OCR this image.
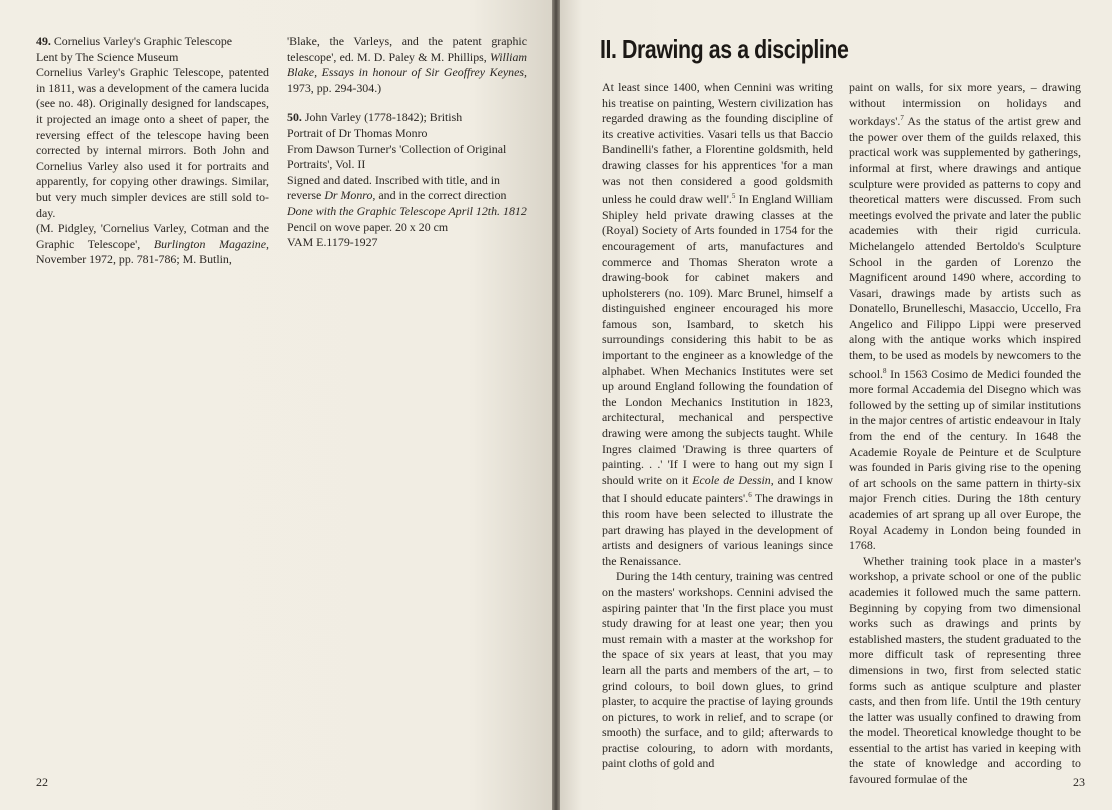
49. Cornelius Varley's Graphic Telescope

Lent by The Science Museum

Cornelius Varley's Graphic Telescope, patented in 1811, was a development of the camera lucida (see no. 48). Originally designed for landscapes, it projected an image onto a sheet of paper, the reversing effect of the telescope having been corrected by internal mirrors. Both John and Cornelius Varley also used it for portraits and apparently, for copying other drawings. Similar, but very much simpler devices are still sold to-day.

(M. Pidgley, 'Cornelius Varley, Cotman and the Graphic Telescope', Burlington Magazine, November 1972, pp. 781-786; M. Butlin,

'Blake, the Varleys, and the patent graphic telescope', ed. M. D. Paley & M. Phillips, William Blake, Essays in honour of Sir Geoffrey Keynes, 1973, pp. 294-304.)

50. John Varley (1778-1842); British

Portrait of Dr Thomas Monro

From Dawson Turner's 'Collection of Original Portraits', Vol. II

Signed and dated. Inscribed with title, and in reverse Dr Monro, and in the correct direction Done with the Graphic Telescope April 12th. 1812

Pencil on wove paper. 20 x 20 cm

VAM E.1179-1927

22	23
II. Drawing as a discipline

At least since 1400, when Cennini was writing his treatise on painting, Western civilization has regarded drawing as the founding discipline of its creative activities. Vasari tells us that Baccio Bandinelli's father, a Florentine goldsmith, held drawing classes for his apprentices 'for a man was not then considered a good goldsmith unless he could draw well'.$^5$ In England William Shipley held private drawing classes at the (Royal) Society of Arts founded in 1754 for the encouragement of arts, manufactures and commerce and Thomas Sheraton wrote a drawing-book for cabinet makers and upholsterers (no. 109). Marc Brunel, himself a distinguished engineer encouraged his more famous son, Isambard, to sketch his surroundings considering this habit to be as important to the engineer as a knowledge of the alphabet. When Mechanics Institutes were set up around England following the foundation of the London Mechanics Institution in 1823, architectural, mechanical and perspective drawing were among the subjects taught. While Ingres claimed 'Drawing is three quarters of painting. . .' 'If I were to hang out my sign I should write on it Ecole de Dessin, and I know that I should educate painters'.$^6$ The drawings in this room have been selected to illustrate the part drawing has played in the development of artists and designers of various leanings since the Renaissance.

During the 14th century, training was centred on the masters' workshops. Cennini advised the aspiring painter that 'In the first place you must study drawing for at least one year; then you must remain with a master at the workshop for the space of six years at least, that you may learn all the parts and members of the art, – to grind colours, to boil down glues, to grind plaster, to acquire the practise of laying grounds on pictures, to work in relief, and to scrape (or smooth) the surface, and to gild; afterwards to practise colouring, to adorn with mordants, paint cloths of gold and

paint on walls, for six more years, – drawing without intermission on holidays and workdays'.$^7$ As the status of the artist grew and the power over them of the guilds relaxed, this practical work was supplemented by gatherings, informal at first, where drawings and antique sculpture were provided as patterns to copy and theoretical matters were discussed. From such meetings evolved the private and later the public academies with their rigid curricula. Michelangelo attended Bertoldo's Sculpture School in the garden of Lorenzo the Magnificent around 1490 where, according to Vasari, drawings made by artists such as Donatello, Brunelleschi, Masaccio, Uccello, Fra Angelico and Filippo Lippi were preserved along with the antique works which inspired them, to be used as models by newcomers to the school.$^8$ In 1563 Cosimo de Medici founded the more formal Accademia del Disegno which was followed by the setting up of similar institutions in the major centres of artistic endeavour in Italy from the end of the century. In 1648 the Academie Royale de Peinture et de Sculpture was founded in Paris giving rise to the opening of art schools on the same pattern in thirty-six major French cities. During the 18th century academies of art sprang up all over Europe, the Royal Academy in London being founded in 1768.

Whether training took place in a master's workshop, a private school or one of the public academies it followed much the same pattern. Beginning by copying from two dimensional works such as drawings and prints by established masters, the student graduated to the more difficult task of representing three dimensions in two, first from selected static forms such as antique sculpture and plaster casts, and then from life. Until the 19th century the latter was usually confined to drawing from the model. Theoretical knowledge thought to be essential to the artist has varied in keeping with the state of knowledge and according to favoured formulae of the
